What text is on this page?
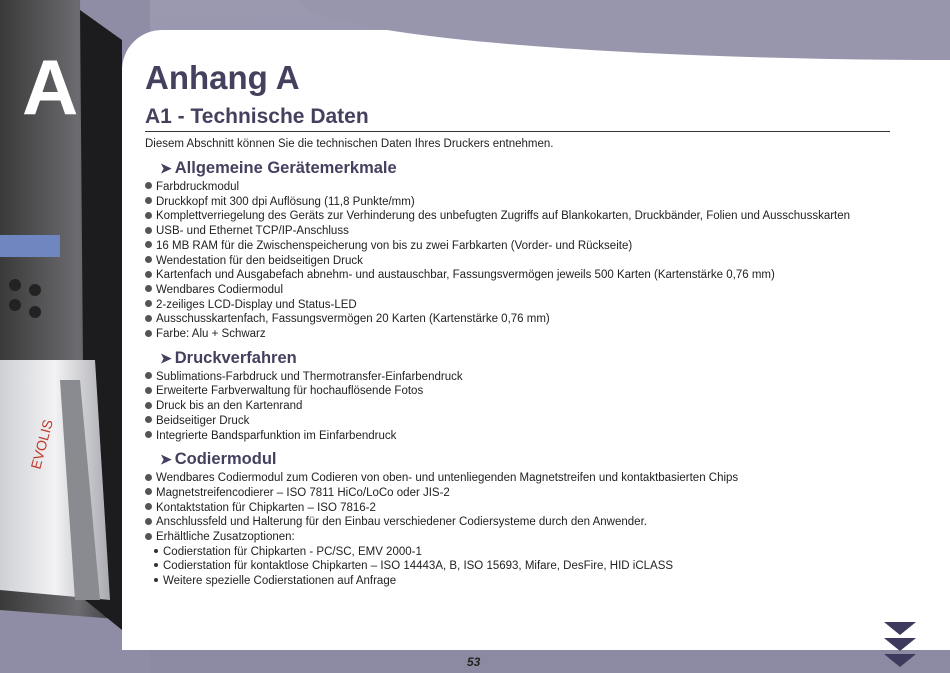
EVOLIS
A Anhang A
A1 - Technische Daten
Diesem Abschnitt können Sie die technischen Daten Ihres Druckers entnehmen.
➤ Allgemeine Gerätemerkmale
Farbdruckmodul
Druckkopf mit 300 dpi Auflösung (11,8 Punkte/mm)
Komplettverriegelung des Geräts zur Verhinderung des unbefugten Zugriffs auf Blankokarten, Druckbänder, Folien und Ausschusskarten
USB- und Ethernet TCP/IP-Anschluss
16 MB RAM für die Zwischenspeicherung von bis zu zwei Farbkarten (Vorder- und Rückseite)
Wendestation für den beidseitigen Druck
Kartenfach und Ausgabefach abnehm- und austauschbar, Fassungsvermögen jeweils 500 Karten (Kartenstärke 0,76 mm)
Wendbares Codiermodul
2-zeiliges LCD-Display und Status-LED
Ausschusskartenfach, Fassungsvermögen 20 Karten (Kartenstärke 0,76 mm)
Farbe: Alu + Schwarz
➤ Druckverfahren
Sublimations-Farbdruck und Thermotransfer-Einfarbendruck
Erweiterte Farbverwaltung für hochauflösende Fotos
Druck bis an den Kartenrand
Beidseitiger Druck
Integrierte Bandsparfunktion im Einfarbendruck
➤ Codiermodul
Wendbares Codiermodul zum Codieren von oben- und untenliegenden Magnetstreifen und kontaktbasierten Chips
Magnetstreifencodierer – ISO 7811 HiCo/LoCo oder JIS-2
Kontaktstation für Chipkarten – ISO 7816-2
Anschlussfeld und Halterung für den Einbau verschiedener Codiersysteme durch den Anwender.
Erhältliche Zusatzoptionen:
Codierstation für Chipkarten - PC/SC, EMV 2000-1
Codierstation für kontaktlose Chipkarten – ISO 14443A, B, ISO 15693, Mifare, DesFire, HID iCLASS
Weitere spezielle Codierstationen auf Anfrage
53
